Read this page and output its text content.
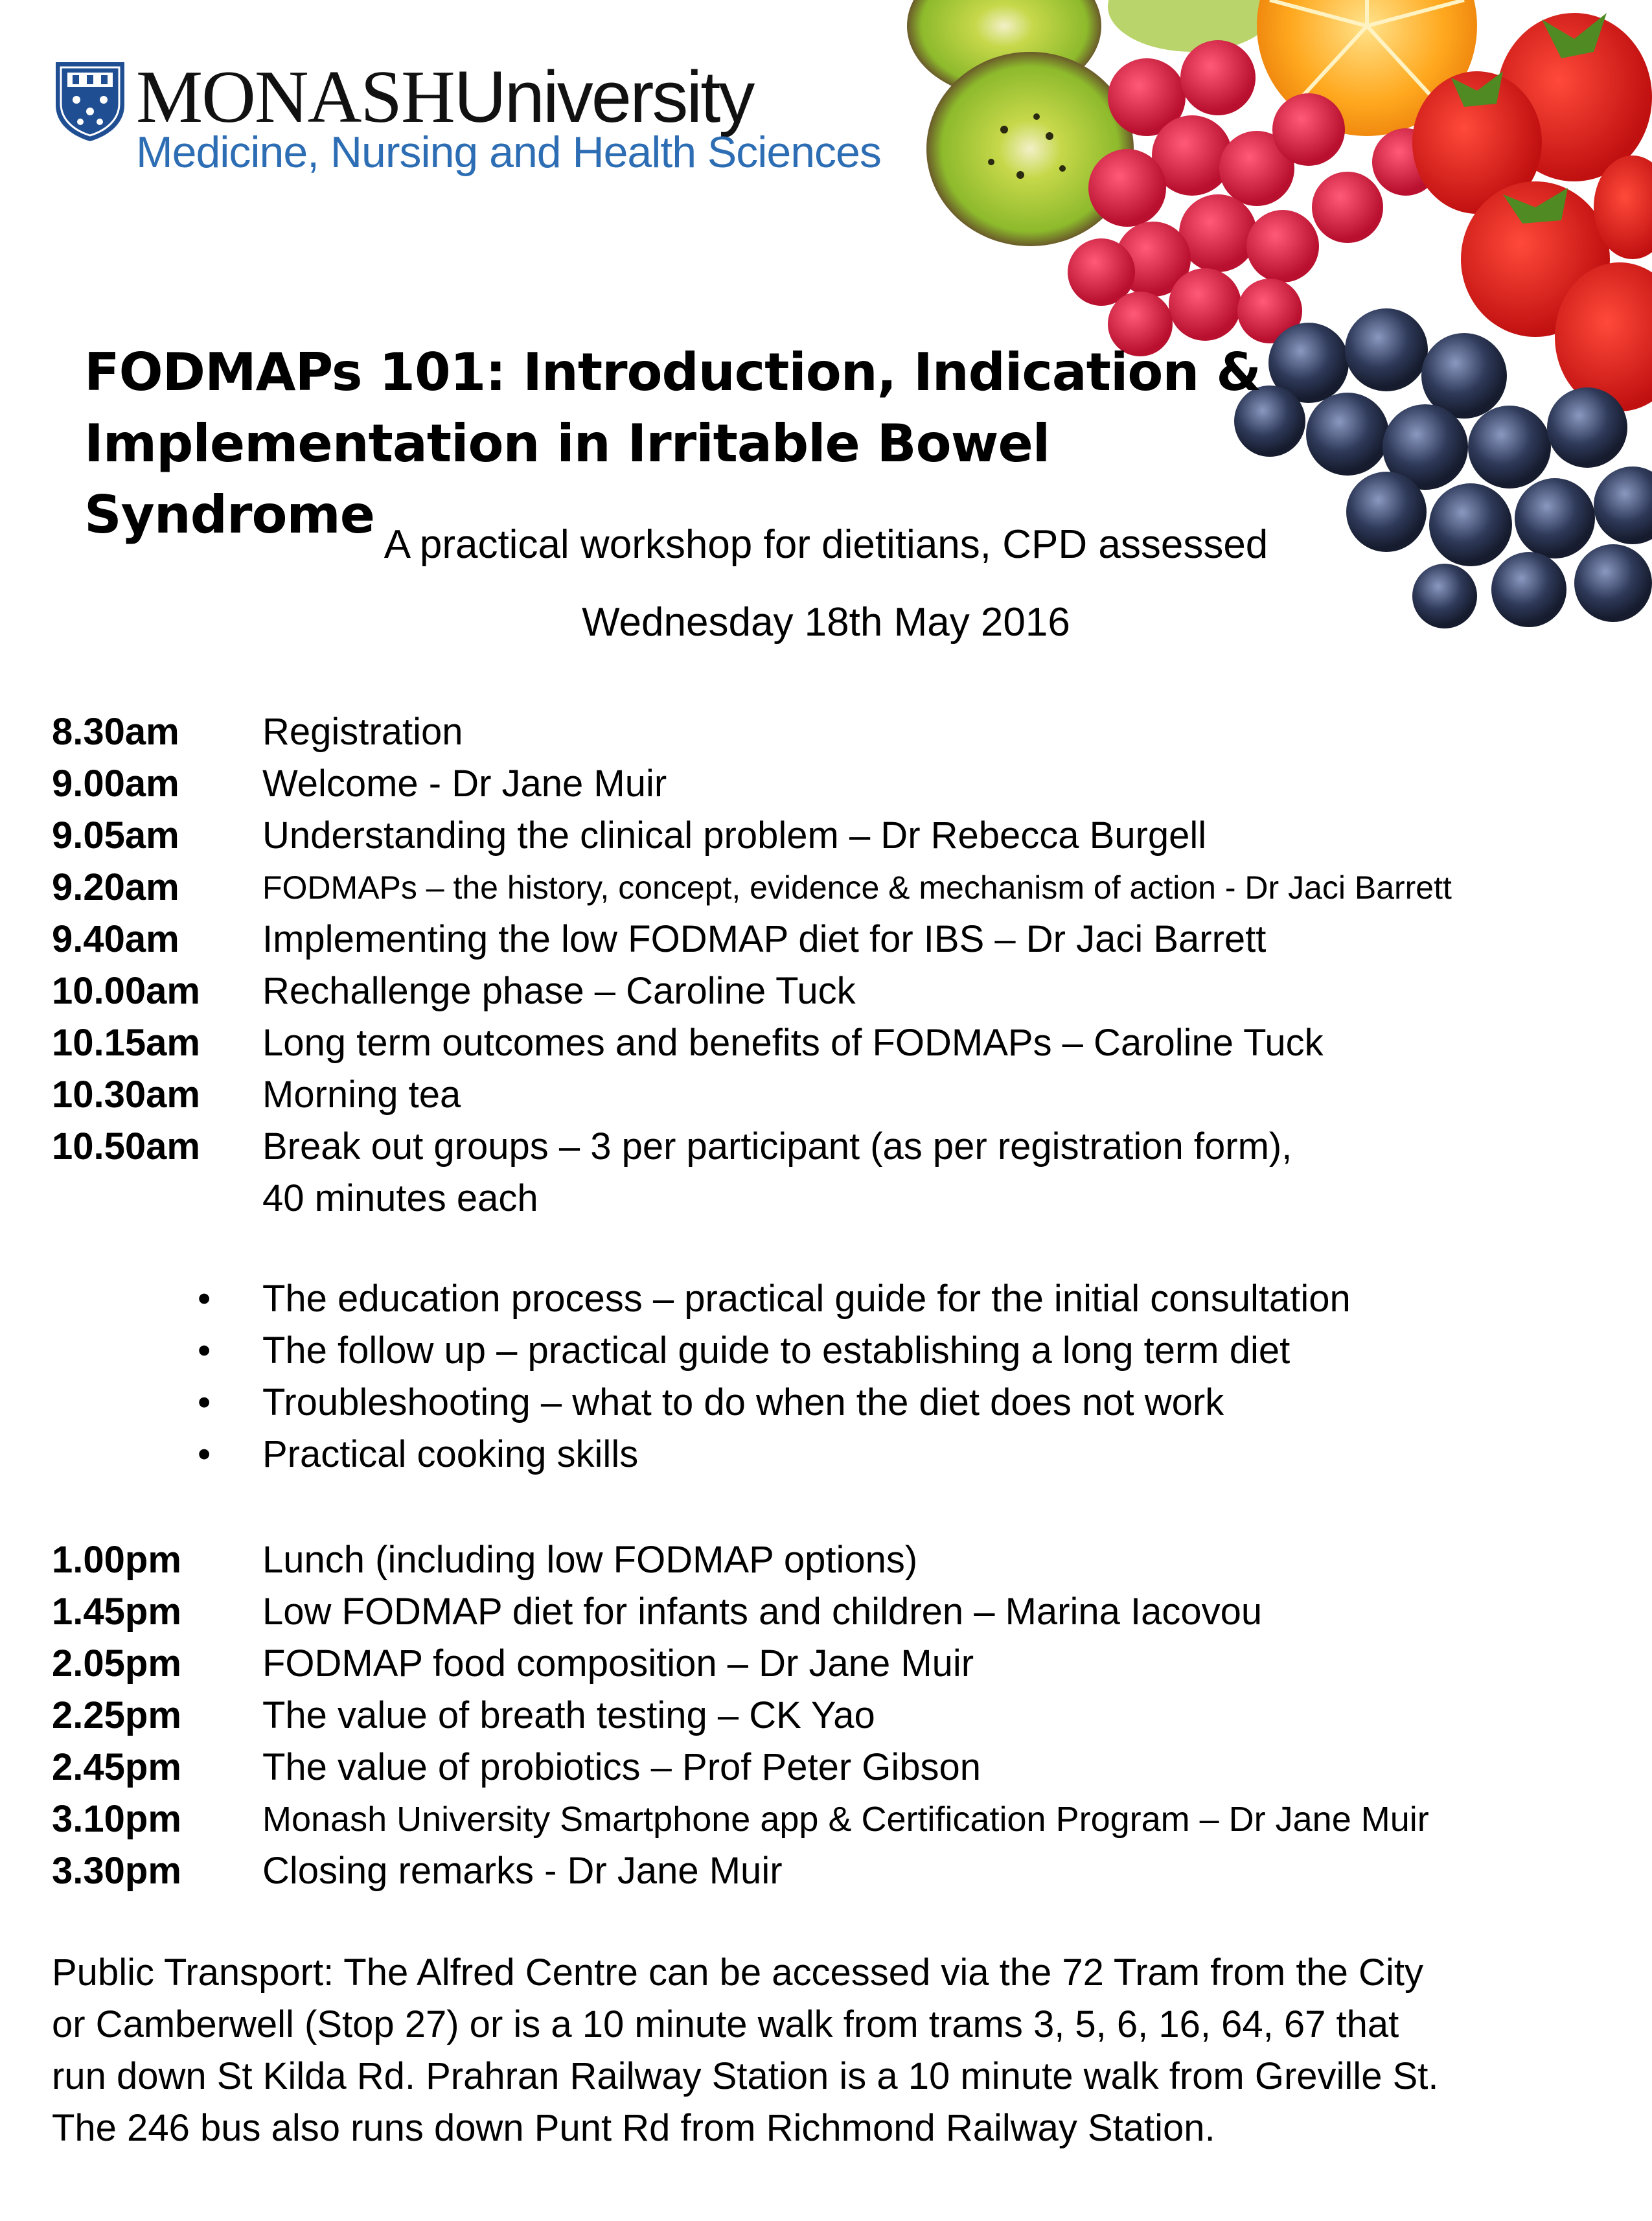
MONASHUniversity
Medicine, Nursing and Health Sciences
FODMAPs 101: Introduction, Indication &
Implementation in Irritable Bowel Syndrome A practical workshop for dietitians, CPD assessed
Wednesday 18th May 2016
8.30am Registration
9.00am Welcome - Dr Jane Muir
9.05am Understanding the clinical problem – Dr Rebecca Burgell
9.20am	FODMAPs – the history, concept, evidence & mechanism of action - Dr Jaci Barrett
9.40am Implementing the low FODMAP diet for IBS – Dr Jaci Barrett
10.00am Rechallenge phase – Caroline Tuck
10.15am Long term outcomes and benefits of FODMAPs – Caroline Tuck
10.30am Morning tea
10.50am Break out groups – 3 per participant (as per registration form),
40 minutes each
• The education process – practical guide for the initial consultation
• The follow up – practical guide to establishing a long term diet
• Troubleshooting – what to do when the diet does not work
• Practical cooking skills
1.00pm Lunch (including low FODMAP options)
1.45pm Low FODMAP diet for infants and children – Marina Iacovou
2.05pm FODMAP food composition – Dr Jane Muir
2.25pm The value of breath testing – CK Yao
2.45pm The value of probiotics – Prof Peter Gibson
3.10pm Monash University Smartphone app & Certification Program – Dr Jane Muir
3.30pm Closing remarks - Dr Jane Muir
Public Transport: The Alfred Centre can be accessed via the 72 Tram from the City
or Camberwell (Stop 27) or is a 10 minute walk from trams 3, 5, 6, 16, 64, 67 that
run down St Kilda Rd. Prahran Railway Station is a 10 minute walk from Greville St.
The 246 bus also runs down Punt Rd from Richmond Railway Station.
